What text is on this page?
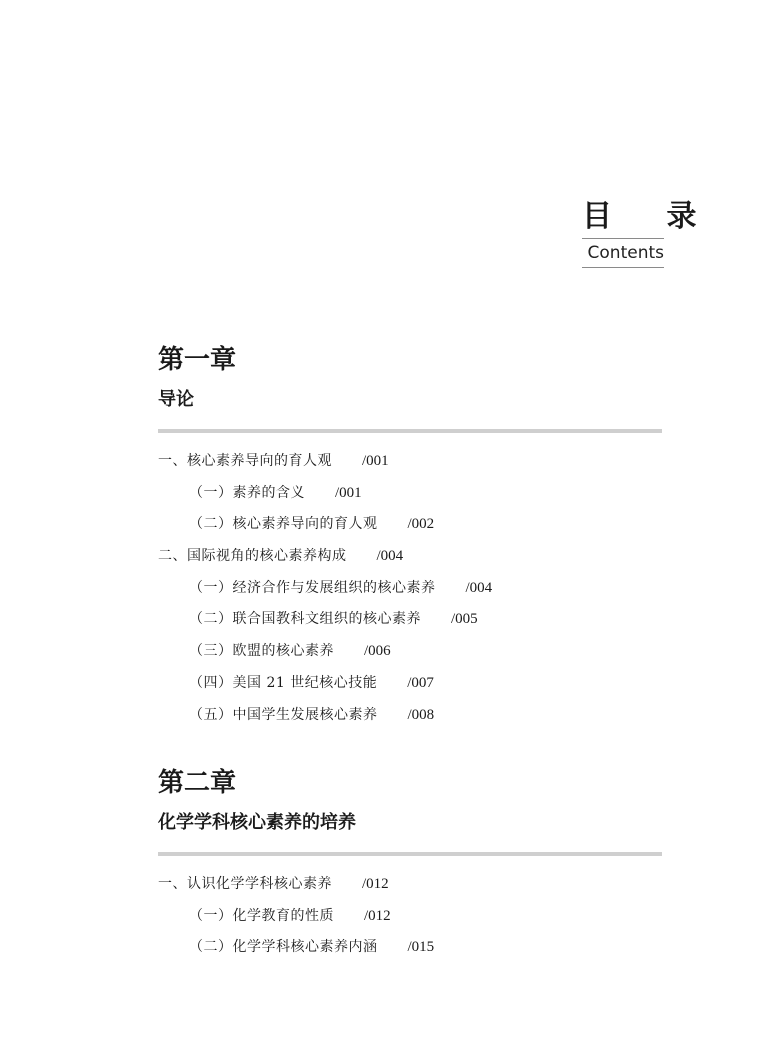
目 录
Contents
第一章
导论
一、核心素养导向的育人观 /001
（一）素养的含义 /001
（二）核心素养导向的育人观 /002
二、国际视角的核心素养构成 /004
（一）经济合作与发展组织的核心素养 /004
（二）联合国教科文组织的核心素养 /005
（三）欧盟的核心素养 /006
（四）美国 21 世纪核心技能 /007
（五）中国学生发展核心素养 /008
第二章
化学学科核心素养的培养
一、认识化学学科核心素养 /012
（一）化学教育的性质 /012
（二）化学学科核心素养内涵 /015
